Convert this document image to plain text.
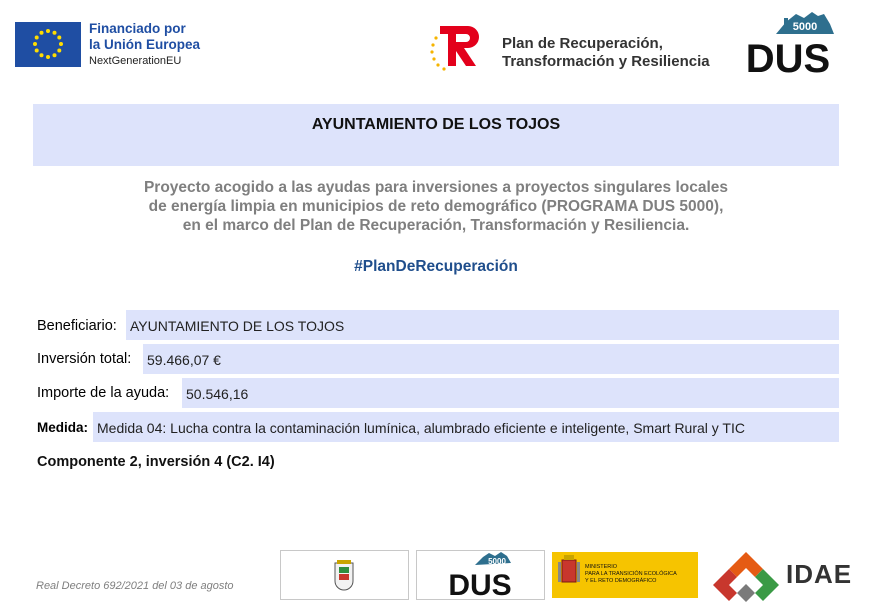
Financiado por
la Unión Europea
NextGenerationEU
Plan de Recuperación,
Transformación y Resiliencia
5000
DUS
AYUNTAMIENTO DE LOS TOJOS
Proyecto acogido a las ayudas para inversiones a proyectos singulares locales
de energía limpia en municipios de reto demográfico (PROGRAMA DUS 5000),
en el marco del Plan de Recuperación, Transformación y Resiliencia.
#PlanDeRecuperación
Beneficiario: AYUNTAMIENTO DE LOS TOJOS
Inversión total: 59.466,07 €
Importe de la ayuda: 50.546,16
Medida: Medida 04: Lucha contra la contaminación lumínica, alumbrado eficiente e inteligente, Smart Rural y TIC
Componente 2, inversión 4 (C2. I4)
Real Decreto 692/2021 del 03 de agosto
5000
DUS
MINISTERIO
PARA LA TRANSICIÓN ECOLÓGICA
Y EL RETO DEMOGRÁFICO	IDAE
